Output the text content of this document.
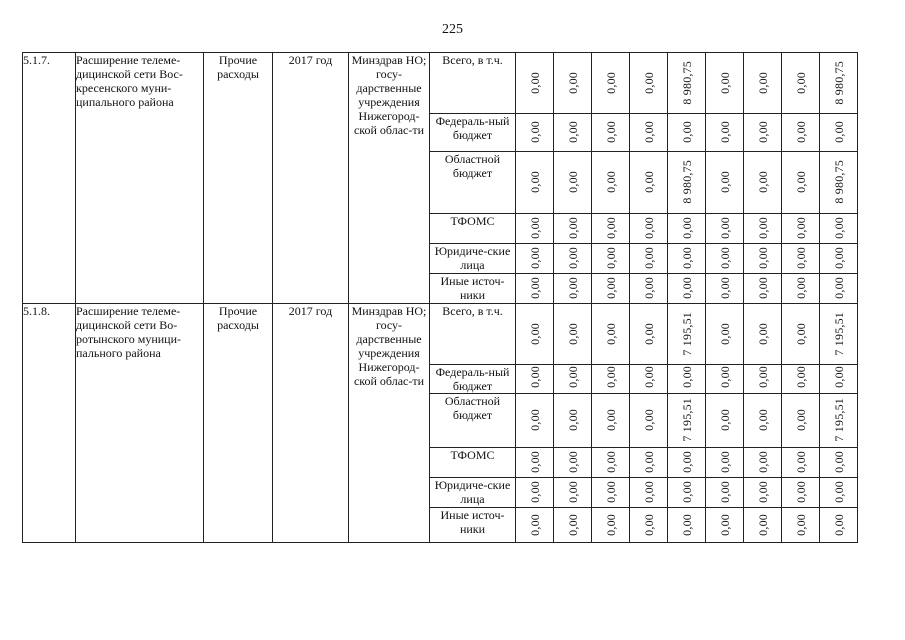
225
5.1.7.	Расширение телеме-дицинской сети Вос-кресенского муни-ципального района	Прочие расходы	2017 год	Минздрав НО; госу-дарственные учреждения Нижегород-ской облас-ти	Всего, в т.ч.	0,00	0,00	0,00	0,00	8 980,75	0,00	0,00	0,00	8 980,75

					Федераль-ный бюджет	0,00	0,00	0,00	0,00	0,00	0,00	0,00	0,00	0,00

					Областной бюджет	0,00	0,00	0,00	0,00	8 980,75	0,00	0,00	0,00	8 980,75

					ТФОМС	0,00	0,00	0,00	0,00	0,00	0,00	0,00	0,00	0,00

					Юридиче-ские лица	0,00	0,00	0,00	0,00	0,00	0,00	0,00	0,00	0,00

					Иные источ-ники	0,00	0,00	0,00	0,00	0,00	0,00	0,00	0,00	0,00

5.1.8.	Расширение телеме-дицинской сети Во-ротынского муници-пального района	Прочие расходы	2017 год	Минздрав НО; госу-дарственные учреждения Нижегород-ской облас-ти	Всего, в т.ч.	0,00	0,00	0,00	0,00	7 195,51	0,00	0,00	0,00	7 195,51

					Федераль-ный бюджет	0,00	0,00	0,00	0,00	0,00	0,00	0,00	0,00	0,00

					Областной бюджет	0,00	0,00	0,00	0,00	7 195,51	0,00	0,00	0,00	7 195,51

					ТФОМС	0,00	0,00	0,00	0,00	0,00	0,00	0,00	0,00	0,00

					Юридиче-ские лица	0,00	0,00	0,00	0,00	0,00	0,00	0,00	0,00	0,00

					Иные источ-ники	0,00	0,00	0,00	0,00	0,00	0,00	0,00	0,00	0,00
